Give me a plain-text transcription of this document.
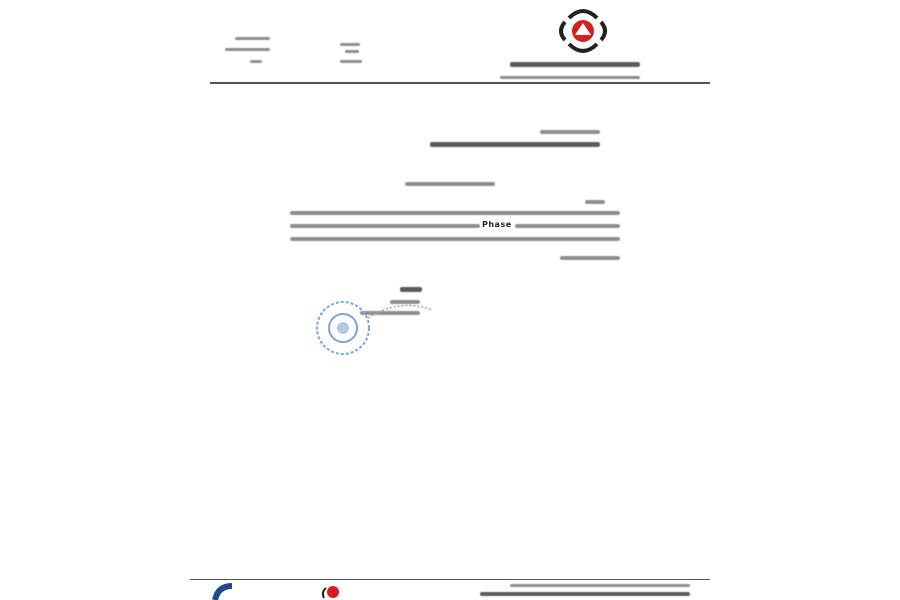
Phase
